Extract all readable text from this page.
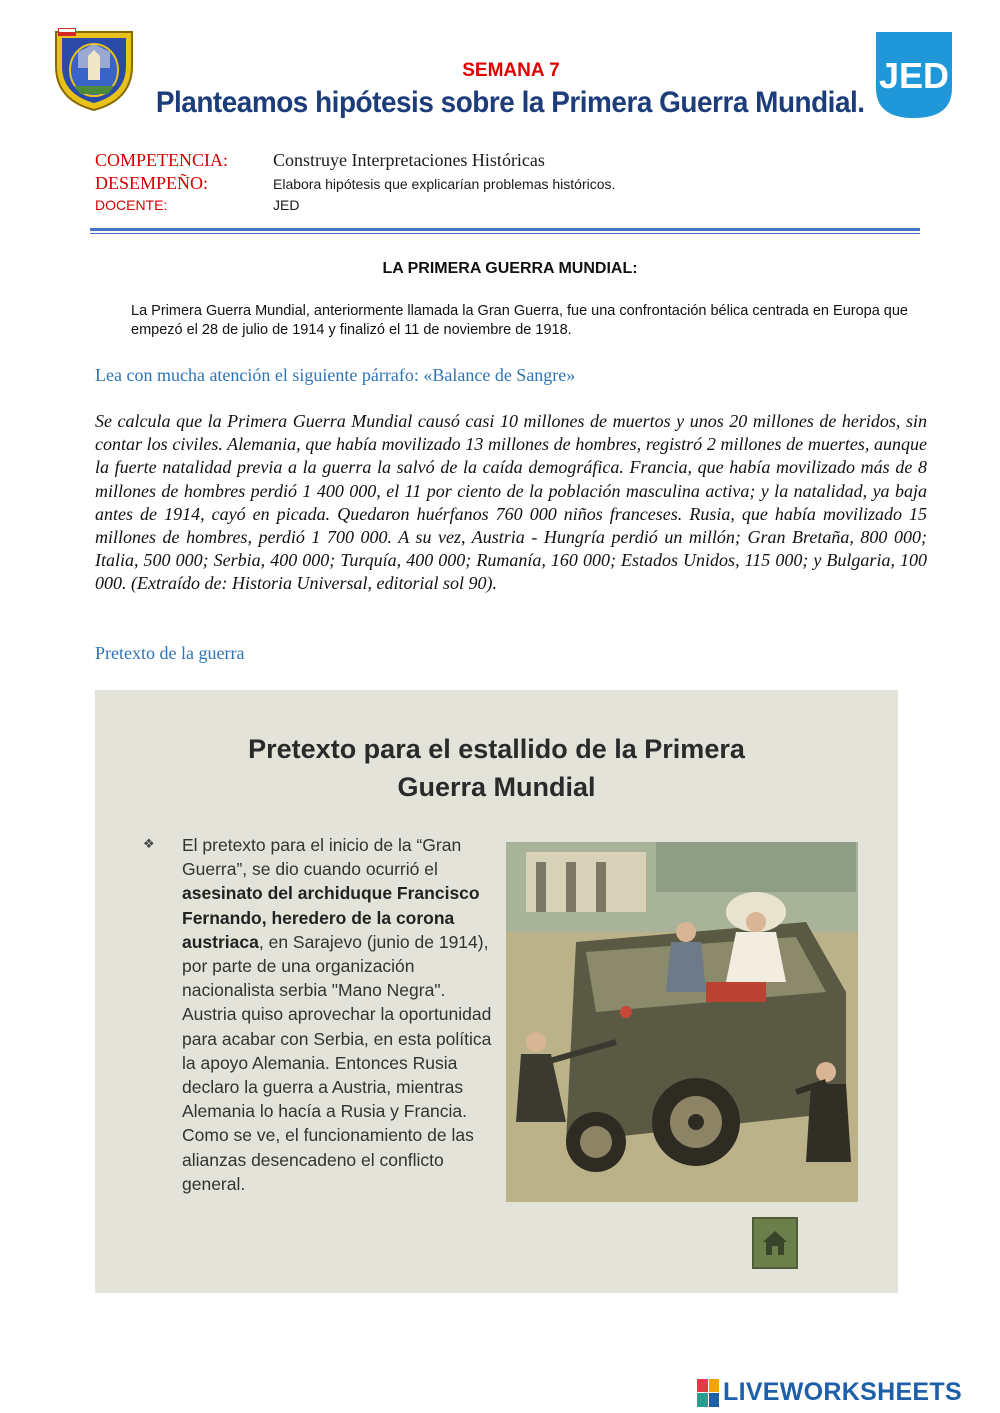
SEMANA 7
Planteamos hipótesis sobre la Primera Guerra Mundial.
JED
COMPETENCIA:	Construye Interpretaciones Históricas
DESEMPEÑO:	Elabora hipótesis que explicarían problemas históricos.
DOCENTE:	JED
LA PRIMERA GUERRA MUNDIAL:

La Primera Guerra Mundial, anteriormente llamada la Gran Guerra, fue una confrontación bélica centrada en Europa que empezó el 28 de julio de 1914 y finalizó el 11 de noviembre de 1918.

Lea con mucha atención el siguiente párrafo: «Balance de Sangre»

Se calcula que la Primera Guerra Mundial causó casi 10 millones de muertos y unos 20 millones de heridos, sin contar los civiles. Alemania, que había movilizado 13 millones de hombres, registró 2 millones de muertes, aunque la fuerte natalidad previa a la guerra la salvó de la caída demográfica. Francia, que había movilizado más de 8 millones de hombres perdió 1 400 000, el 11 por ciento de la población masculina activa; y la natalidad, ya baja antes de 1914, cayó en picada. Quedaron huérfanos 760 000 niños franceses. Rusia, que había movilizado 15 millones de hombres, perdió 1 700 000. A su vez, Austria - Hungría perdió un millón; Gran Bretaña, 800 000; Italia, 500 000; Serbia, 400 000; Turquía, 400 000; Rumanía, 160 000; Estados Unidos, 115 000; y Bulgaria, 100 000. (Extraído de: Historia Universal, editorial sol 90).

Pretexto de la guerra
Pretexto para el estallido de la Primera
Guerra Mundial
❖ El pretexto para el inicio de la “Gran Guerra”, se dio cuando ocurrió el asesinato del archiduque Francisco Fernando, heredero de la corona austriaca, en Sarajevo (junio de 1914), por parte de una organización nacionalista serbia "Mano Negra". Austria quiso aprovechar la oportunidad para acabar con Serbia, en esta política la apoyo Alemania. Entonces Rusia declaro la guerra a Austria, mientras Alemania lo hacía a Rusia y Francia. Como se ve, el funcionamiento de las alianzas desencadeno el conflicto general.

LIVEWORKSHEETS
